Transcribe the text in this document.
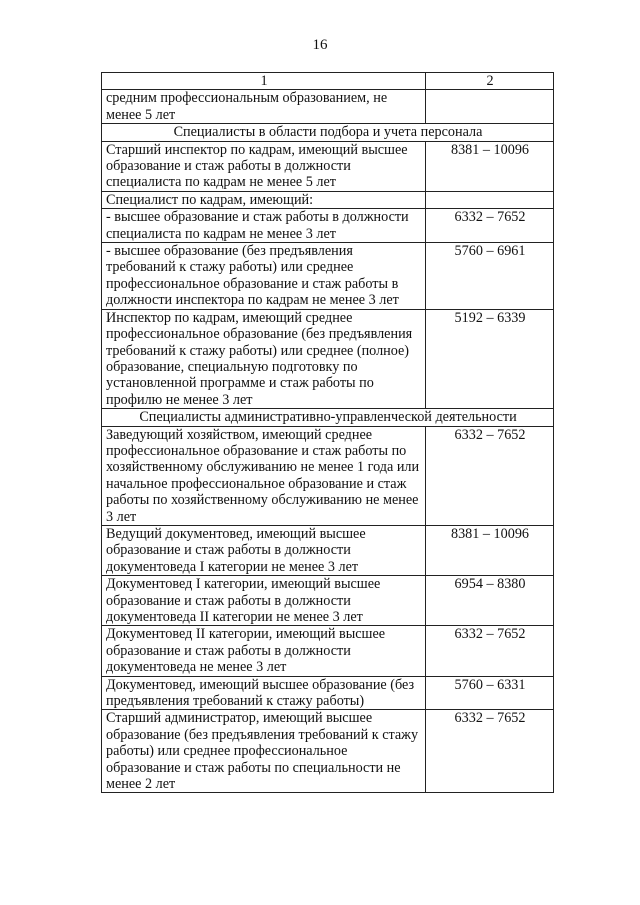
16
1	2
средним профессиональным образованием, не менее 5 лет	
Специалисты в области подбора и учета персонала	
Старший инспектор по кадрам, имеющий высшее образование и стаж работы в должности специалиста по кадрам не менее 5 лет	8381 – 10096
Специалист по кадрам, имеющий:	
- высшее образование и стаж работы в должности специалиста по кадрам не менее 3 лет	6332 – 7652
- высшее образование (без предъявления требований к стажу работы) или среднее профессиональное образование и стаж работы в должности инспектора по кадрам не менее 3 лет	5760 – 6961
Инспектор по кадрам, имеющий среднее профессиональное образование (без предъявления требований к стажу работы) или среднее (полное) образование, специальную подготовку по установленной программе и стаж работы по профилю не менее 3 лет	5192 – 6339
Специалисты административно-управленческой деятельности	
Заведующий хозяйством, имеющий среднее профессиональное образование и стаж работы по хозяйственному обслуживанию не менее 1 года или начальное профессиональное образование и стаж работы по хозяйственному обслуживанию не менее 3 лет	6332 – 7652
Ведущий документовед, имеющий высшее образование и стаж работы в должности документоведа I категории не менее 3 лет	8381 – 10096
Документовед I категории, имеющий высшее образование и стаж работы в должности документоведа II категории не менее 3 лет	6954 – 8380
Документовед II категории, имеющий высшее образование и стаж работы в должности документоведа не менее 3 лет	6332 – 7652
Документовед, имеющий высшее образование (без предъявления требований к стажу работы)	5760 – 6331
Старший администратор, имеющий высшее образование (без предъявления требований к стажу работы) или среднее профессиональное образование и стаж работы по специальности не менее 2 лет	6332 – 7652
